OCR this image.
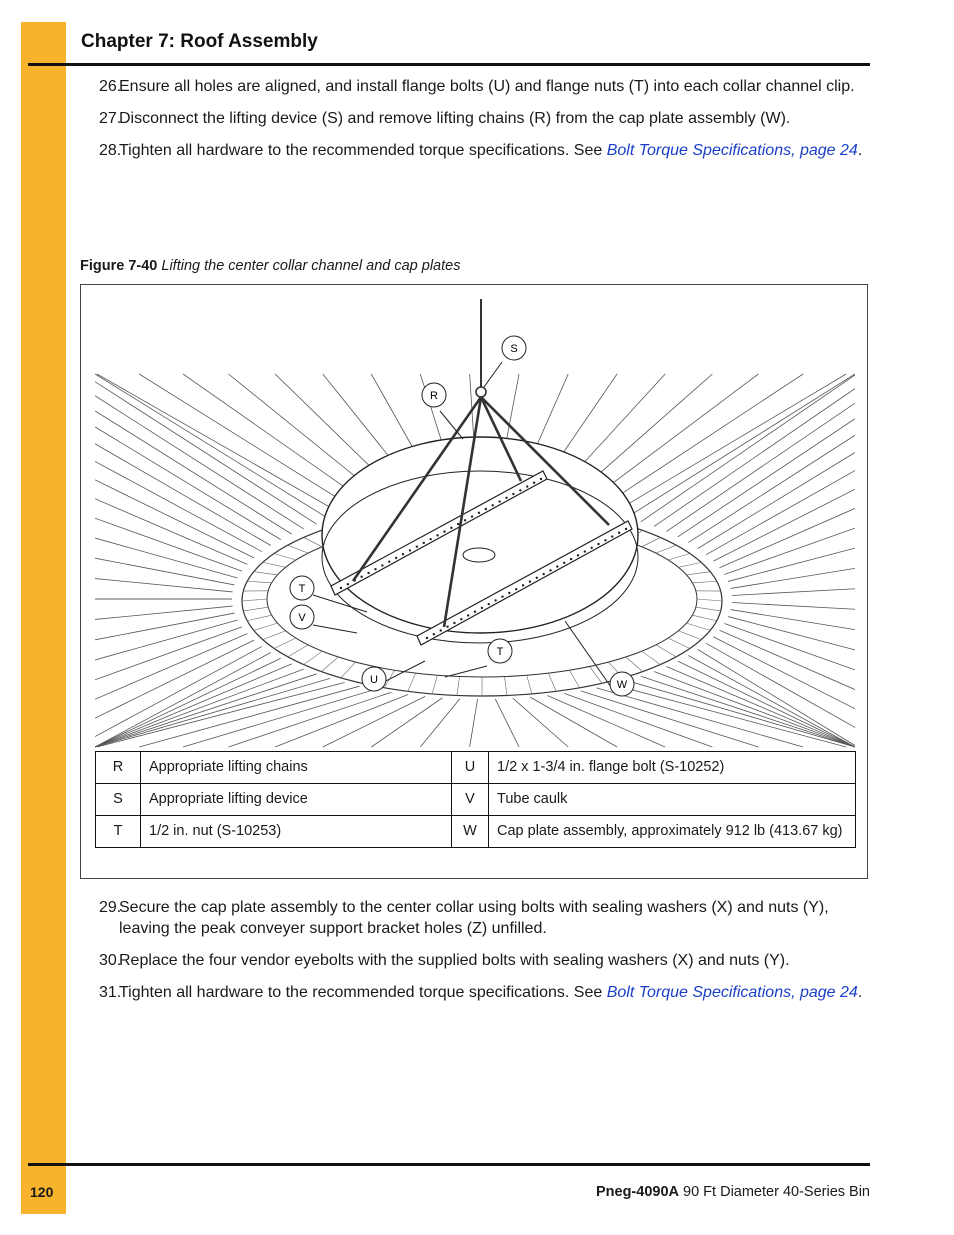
Chapter 7: Roof Assembly
26.
Ensure all holes are aligned, and install flange bolts (U) and flange nuts (T) into each collar channel clip.
27.
Disconnect the lifting device (S) and remove lifting chains (R) from the cap plate assembly (W).
28.
Tighten all hardware to the recommended torque specifications. See Bolt Torque Specifications, page 24.

Figure 7-40 Lifting the center collar channel and cap plates

S
R
T
V
U
T
W
R	Appropriate lifting chains	U	1/2 x 1-3/4 in. flange bolt (S-10252)
S	Appropriate lifting device	V	Tube caulk
T	1/2 in. nut (S-10253)	W	Cap plate assembly, approximately 912 lb (413.67 kg)
29.
Secure the cap plate assembly to the center collar using bolts with sealing washers (X) and nuts (Y), leaving the peak conveyer support bracket holes (Z) unfilled.
30.
Replace the four vendor eyebolts with the supplied bolts with sealing washers (X) and nuts (Y).
31.
Tighten all hardware to the recommended torque specifications. See Bolt Torque Specifications, page 24.
120	Pneg-4090A 90 Ft Diameter 40-Series Bin
